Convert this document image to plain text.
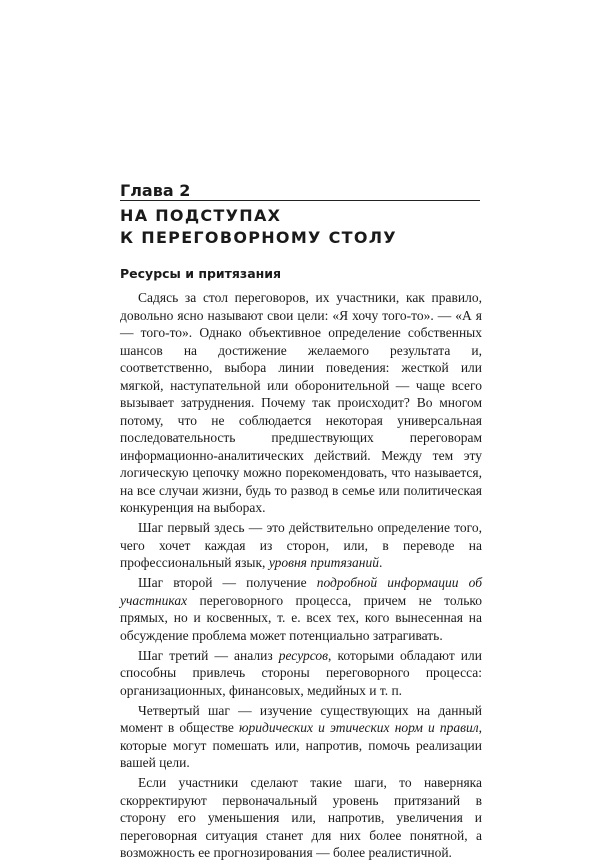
Глава 2
НА ПОДСТУПАХ
К ПЕРЕГОВОРНОМУ СТОЛУ
Ресурсы и притязания

Садясь за стол переговоров, их участники, как правило, довольно ясно называют свои цели: «Я хочу того-то». — «А я — того-то». Однако объективное определение собственных шансов на достижение желаемого результата и, соответственно, выбора линии поведения: жесткой или мягкой, наступательной или оборонительной — чаще всего вызывает затруднения. Почему так происходит? Во многом потому, что не соблюдается некоторая универсальная последовательность предшествующих переговорам информационно-аналитических действий. Между тем эту логическую цепочку можно порекомендовать, что называется, на все случаи жизни, будь то развод в семье или политическая конкуренция на выборах.

Шаг первый здесь — это действительно определение того, чего хочет каждая из сторон, или, в переводе на профессиональный язык, уровня притязаний.

Шаг второй — получение подробной информации об участниках переговорного процесса, причем не только прямых, но и косвенных, т. е. всех тех, кого вынесенная на обсуждение проблема может потенциально затрагивать.

Шаг третий — анализ ресурсов, которыми обладают или способны привлечь стороны переговорного процесса: организационных, финансовых, медийных и т. п.

Четвертый шаг — изучение существующих на данный момент в обществе юридических и этических норм и правил, которые могут помешать или, напротив, помочь реализации вашей цели.

Если участники сделают такие шаги, то наверняка скорректируют первоначальный уровень притязаний в сторону его уменьшения или, напротив, увеличения и переговорная ситуация станет для них более понятной, а возможность ее прогнозирования — более реалистичной.
